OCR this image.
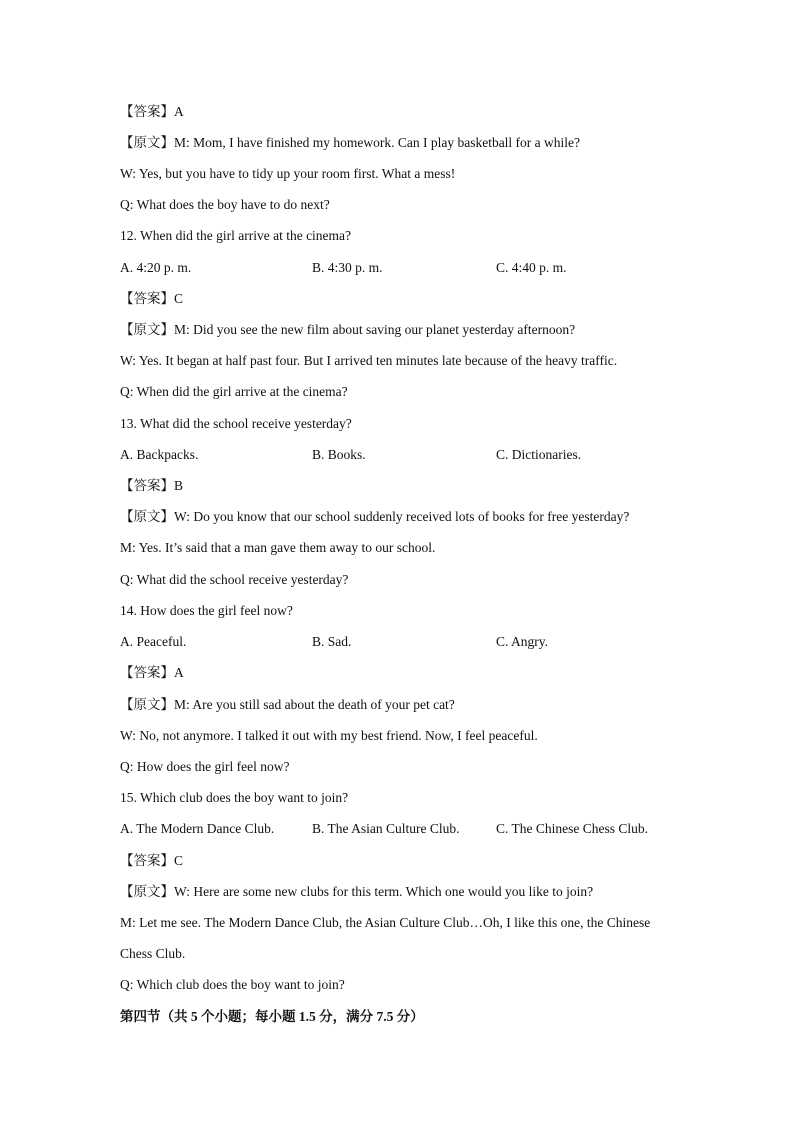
【答案】A
【原文】M: Mom, I have finished my homework. Can I play basketball for a while?
W: Yes, but you have to tidy up your room first. What a mess!
Q: What does the boy have to do next?
12. When did the girl arrive at the cinema?
A. 4:20 p. m.	B. 4:30 p. m.	C. 4:40 p. m.
【答案】C
【原文】M: Did you see the new film about saving our planet yesterday afternoon?
W: Yes. It began at half past four. But I arrived ten minutes late because of the heavy traffic.
Q: When did the girl arrive at the cinema?
13. What did the school receive yesterday?
A. Backpacks.	B. Books.	C. Dictionaries.
【答案】B
【原文】W: Do you know that our school suddenly received lots of books for free yesterday?
M: Yes. It’s said that a man gave them away to our school.
Q: What did the school receive yesterday?
14. How does the girl feel now?
A. Peaceful.	B. Sad.	C. Angry.
【答案】A
【原文】M: Are you still sad about the death of your pet cat?
W: No, not anymore. I talked it out with my best friend. Now, I feel peaceful.
Q: How does the girl feel now?
15. Which club does the boy want to join?
A. The Modern Dance Club.	B. The Asian Culture Club.	C. The Chinese Chess Club.
【答案】C
【原文】W: Here are some new clubs for this term. Which one would you like to join?
M: Let me see. The Modern Dance Club, the Asian Culture Club…Oh, I like this one, the Chinese
Chess Club.
Q: Which club does the boy want to join?
第四节（共 5 个小题；每小题 1.5 分，满分 7.5 分）
